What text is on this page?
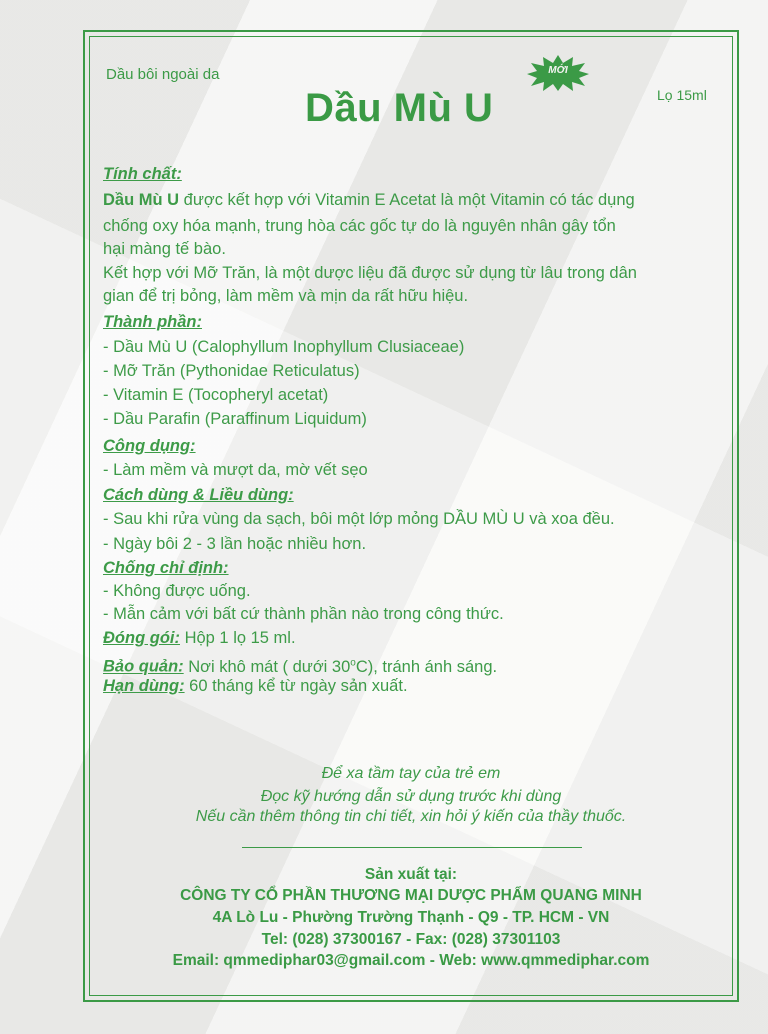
Dầu bôi ngoài da
Dầu Mù U
MỚI
Lọ 15ml
Tính chất:
Dầu Mù U được kết hợp với Vitamin E Acetat là một Vitamin có tác dụng
chống oxy hóa mạnh, trung hòa các gốc tự do là nguyên nhân gây tổn
hại màng tế bào.
Kết hợp với Mỡ Trăn, là một dược liệu đã được sử dụng từ lâu trong dân
gian để trị bỏng, làm mềm và mịn da rất hữu hiệu.
Thành phần:
- Dầu Mù U (Calophyllum Inophyllum Clusiaceae)
- Mỡ Trăn (Pythonidae Reticulatus)
- Vitamin E (Tocopheryl acetat)
- Dầu Parafin (Paraffinum Liquidum)
Công dụng:
- Làm mềm và mượt da, mờ vết sẹo
Cách dùng & Liều dùng:
- Sau khi rửa vùng da sạch, bôi một lớp mỏng DẦU MÙ U và xoa đều.
- Ngày bôi 2 - 3 lần hoặc nhiều hơn.
Chống chỉ định:
- Không được uống.
- Mẫn cảm với bất cứ thành phần nào trong công thức.
Đóng gói: Hộp 1 lọ 15 ml.
Bảo quản: Nơi khô mát ( dưới 30$^o$C), tránh ánh sáng.
Hạn dùng: 60 tháng kể từ ngày sản xuất.
Để xa tầm tay của trẻ em
Đọc kỹ hướng dẫn sử dụng trước khi dùng
Nếu cần thêm thông tin chi tiết, xin hỏi ý kiến của thầy thuốc.
Sản xuất tại:
CÔNG TY CỔ PHẦN THƯƠNG MẠI DƯỢC PHẨM QUANG MINH
4A Lò Lu - Phường Trường Thạnh - Q9 - TP. HCM - VN
Tel: (028) 37300167 - Fax: (028) 37301103
Email: qmmediphar03@gmail.com - Web: www.qmmediphar.com
